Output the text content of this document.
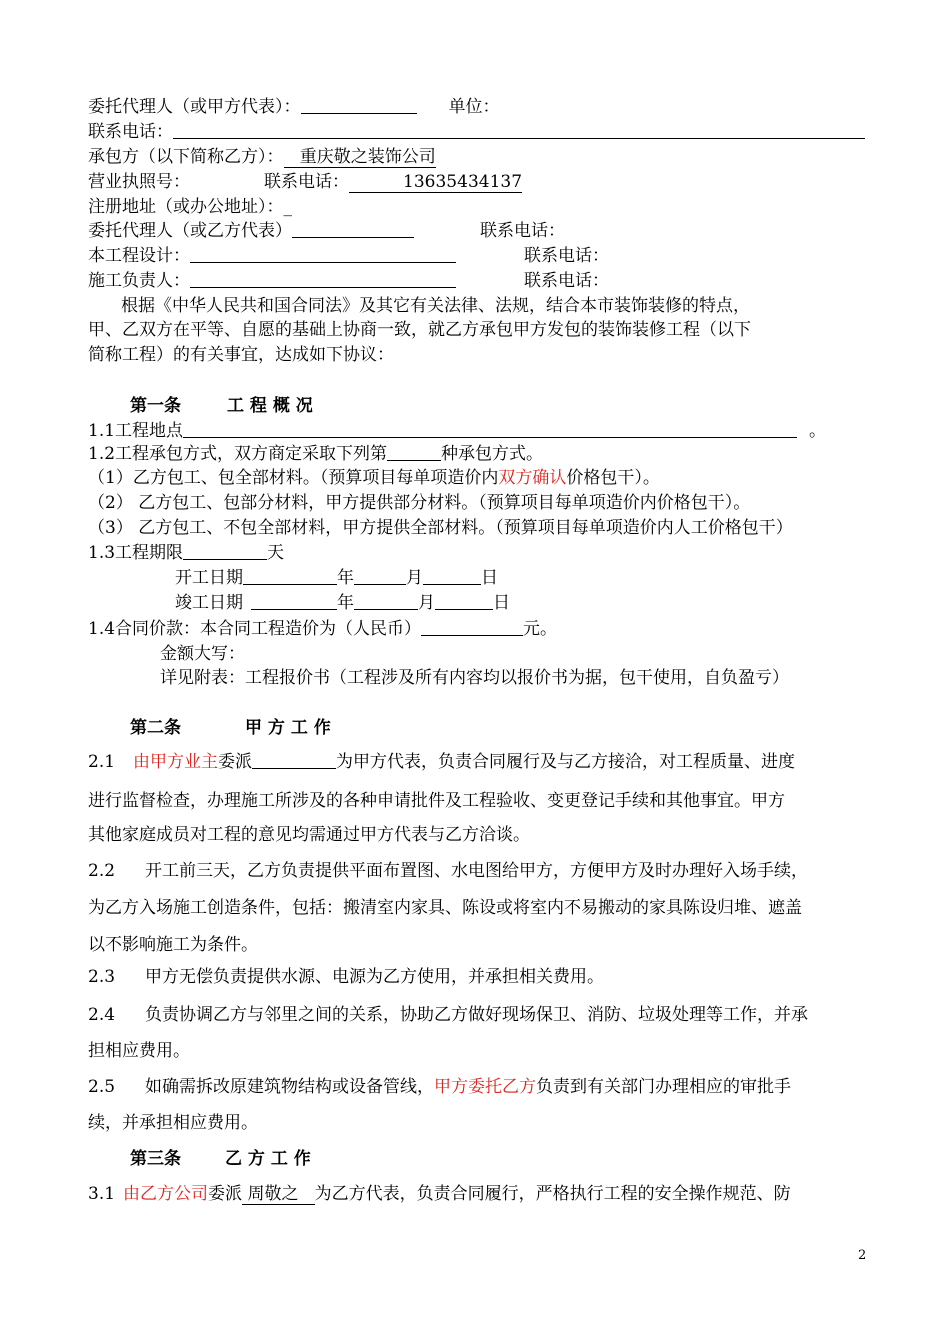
委托代理人（或甲方代表）：	单位：
联系电话：
承包方（以下简称乙方）： 重庆敬之装饰公司
营业执照号：	联系电话：	13635434137
注册地址（或办公地址）：_
委托代理人（或乙方代表）	联系电话：
本工程设计：	联系电话：
施工负责人：	联系电话：
根据《中华人民共和国合同法》及其它有关法律、法规，结合本市装饰装修的特点，
甲、乙双方在平等、自愿的基础上协商一致，就乙方承包甲方发包的装饰装修工程（以下
简称工程）的有关事宜，达成如下协议：
第一条	工 程 概 况
1.1工程地点	。
1.2工程承包方式，双方商定采取下列第	种承包方式。
（1）乙方包工、包全部材料。（预算项目每单项造价内双方确认价格包干）。
（2） 乙方包工、包部分材料，甲方提供部分材料。（预算项目每单项造价内价格包干）。
（3） 乙方包工、不包全部材料，甲方提供全部材料。（预算项目每单项造价内人工价格包干）
1.3工程期限	天
开工日期	年	月	日
竣工日期	年	月	日
1.4合同价款：本合同工程造价为（人民币）	元。
金额大写：
详见附表：工程报价书（工程涉及所有内容均以报价书为据，包干使用，自负盈亏）
第二条	甲 方 工 作
2.1 由甲方业主委派	为甲方代表，负责合同履行及与乙方接洽，对工程质量、进度
进行监督检查，办理施工所涉及的各种申请批件及工程验收、变更登记手续和其他事宜。甲方
其他家庭成员对工程的意见均需通过甲方代表与乙方洽谈。
2.2 开工前三天，乙方负责提供平面布置图、水电图给甲方，方便甲方及时办理好入场手续，
为乙方入场施工创造条件，包括：搬清室内家具、陈设或将室内不易搬动的家具陈设归堆、遮盖
以不影响施工为条件。
2.3 甲方无偿负责提供水源、电源为乙方使用，并承担相关费用。
2.4 负责协调乙方与邻里之间的关系，协助乙方做好现场保卫、消防、垃圾处理等工作，并承
担相应费用。
2.5 如确需拆改原建筑物结构或设备管线，甲方委托乙方负责到有关部门办理相应的审批手
续，并承担相应费用。
第三条	乙 方 工 作
3.1 由乙方公司委派 周敬之 为乙方代表，负责合同履行，严格执行工程的安全操作规范、防
2
